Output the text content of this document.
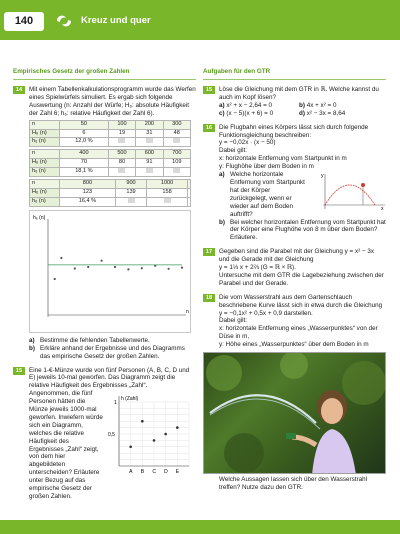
140	Kreuz und quer
Empirisches Gesetz der großen Zahlen
14	Mit einem Tabellenkalkulationsprogramm wurde das Werfen eines Spielwürfels simuliert. Es ergab sich folgende Auswertung (n: Anzahl der Würfe; H₆: absolute Häufigkeit der Zahl 6; h₆: relative Häufigkeit der Zahl 6).
n	50	100	200	300
H₆ (n)	6	19	31	48
h₆ (n)	12,0 %			
n	400	500	600	700
H₆ (n)	70	80	91	109
h₆ (n)	18,1 %			
n	800	900	1000	
H₆ (n)	123	139	158	
h₆ (n)	16,4 %			
h₆ (n)
n
a) Bestimme die fehlenden Tabellenwerte.
b) Erkläre anhand der Ergebnisse und des Diagramms das empirische Gesetz der großen Zahlen.
15	Eine 1-€-Münze wurde von fünf Personen (A, B, C, D und E) jeweils 10-mal geworfen. Das Diagramm zeigt die relative Häufigkeit des Ergebnisses „Zahl“.
Angenommen, die fünf Personen hätten die Münze jeweils 1000-mal geworfen. Inwiefern würde sich ein Diagramm, welches die relative Häufigkeit des Ergebnisses „Zahl“ zeigt, von dem hier abgebildeten unterscheiden? Erläutere unter Bezug auf das empirische Gesetz der großen Zahlen.
h (Zahl)
1
0,5
A B C D E
Aufgaben für den GTR
15	Löse die Gleichung mit dem GTR in ℝ. Welche kannst du auch im Kopf lösen?
a) x² + x − 2,64 = 0	b) 4x + x² = 0
c) (x − 5)(x + 6) = 0	d) x² − 3x = 8,64
16	Die Flugbahn eines Körpers lässt sich durch folgende Funktionsgleichung beschreiben:
y = −0,02x · (x − 50)
Dabei gilt:
x: horizontale Entfernung vom Startpunkt in m
y: Flughöhe über dem Boden in m
a) Welche horizontale Entfernung vom Startpunkt hat der Körper zurückgelegt, wenn er wieder auf dem Boden auftrifft?
y
x
b) Bei welcher horizontalen Entfernung vom Startpunkt hat der Körper eine Flughöhe von 8 m über dem Boden? Erläutere.
17	Gegeben sind die Parabel mit der Gleichung y = x² − 3x und die Gerade mit der Gleichung
y = 1⅓ x + 2⅔ (G = ℝ × ℝ).
Untersuche mit dem GTR die Lagebeziehung zwischen der Parabel und der Gerade.
18	Die vom Wasserstrahl aus dem Gartenschlauch beschriebene Kurve lässt sich in etwa durch die Gleichung y = −0,1x² + 0,5x + 0,9 darstellen.
Dabei gilt:
x: horizontale Entfernung eines „Wasserpunktes“ von der Düse in m,
y: Höhe eines „Wasserpunktes“ über dem Boden in m
Welche Aussagen lassen sich über den Wasserstrahl treffen? Nutze dazu den GTR.
